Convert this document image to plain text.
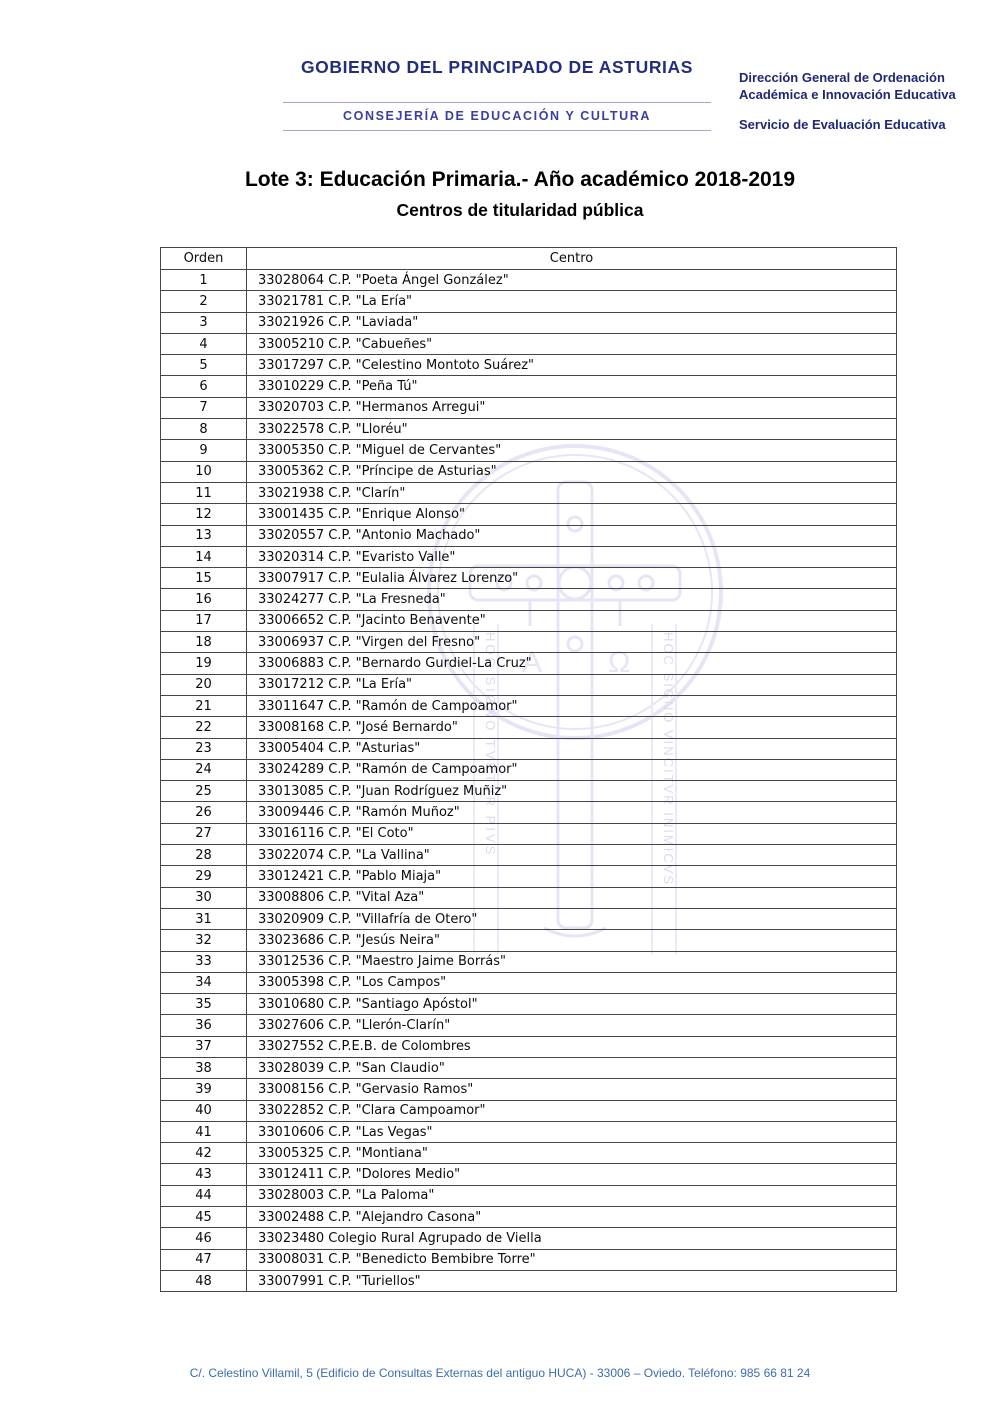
GOBIERNO DEL PRINCIPADO DE ASTURIAS
CONSEJERÍA DE EDUCACIÓN Y CULTURA
Dirección General de Ordenación
Académica e Innovación Educativa
Servicio de Evaluación Educativa
Lote 3: Educación Primaria.- Año académico 2018-2019
Centros de titularidad pública
Α Ω
HOC SIGNO TVETVR PIVS	HOC SIGNO VINCITVR INIMICVS
Orden	Centro
1	33028064 C.P. "Poeta Ángel González"
2	33021781 C.P. "La Ería"
3	33021926 C.P. "Laviada"
4	33005210 C.P. "Cabueñes"
5	33017297 C.P. "Celestino Montoto Suárez"
6	33010229 C.P. "Peña Tú"
7	33020703 C.P. "Hermanos Arregui"
8	33022578 C.P. "Lloréu"
9	33005350 C.P. "Miguel de Cervantes"
10	33005362 C.P. "Príncipe de Asturias"
11	33021938 C.P. "Clarín"
12	33001435 C.P. "Enrique Alonso"
13	33020557 C.P. "Antonio Machado"
14	33020314 C.P. "Evaristo Valle"
15	33007917 C.P. "Eulalia Álvarez Lorenzo"
16	33024277 C.P. "La Fresneda"
17	33006652 C.P. "Jacinto Benavente"
18	33006937 C.P. "Virgen del Fresno"
19	33006883 C.P. "Bernardo Gurdiel-La Cruz"
20	33017212 C.P. "La Ería"
21	33011647 C.P. "Ramón de Campoamor"
22	33008168 C.P. "José Bernardo"
23	33005404 C.P. "Asturias"
24	33024289 C.P. "Ramón de Campoamor"
25	33013085 C.P. "Juan Rodríguez Muñiz"
26	33009446 C.P. "Ramón Muñoz"
27	33016116 C.P. "El Coto"
28	33022074 C.P. "La Vallina"
29	33012421 C.P. "Pablo Miaja"
30	33008806 C.P. "Vital Aza"
31	33020909 C.P. "Villafría de Otero"
32	33023686 C.P. "Jesús Neira"
33	33012536 C.P. "Maestro Jaime Borrás"
34	33005398 C.P. "Los Campos"
35	33010680 C.P. "Santiago Apóstol"
36	33027606 C.P. "Llerón-Clarín"
37	33027552 C.P.E.B. de Colombres
38	33028039 C.P. "San Claudio"
39	33008156 C.P. "Gervasio Ramos"
40	33022852 C.P. "Clara Campoamor"
41	33010606 C.P. "Las Vegas"
42	33005325 C.P. "Montiana"
43	33012411 C.P. "Dolores Medio"
44	33028003 C.P. "La Paloma"
45	33002488 C.P. "Alejandro Casona"
46	33023480 Colegio Rural Agrupado de Viella
47	33008031 C.P. "Benedicto Bembibre Torre"
48	33007991 C.P. "Turiellos"
C/. Celestino Villamil, 5 (Edificio de Consultas Externas del antiguo HUCA) - 33006 – Oviedo. Teléfono: 985 66 81 24
